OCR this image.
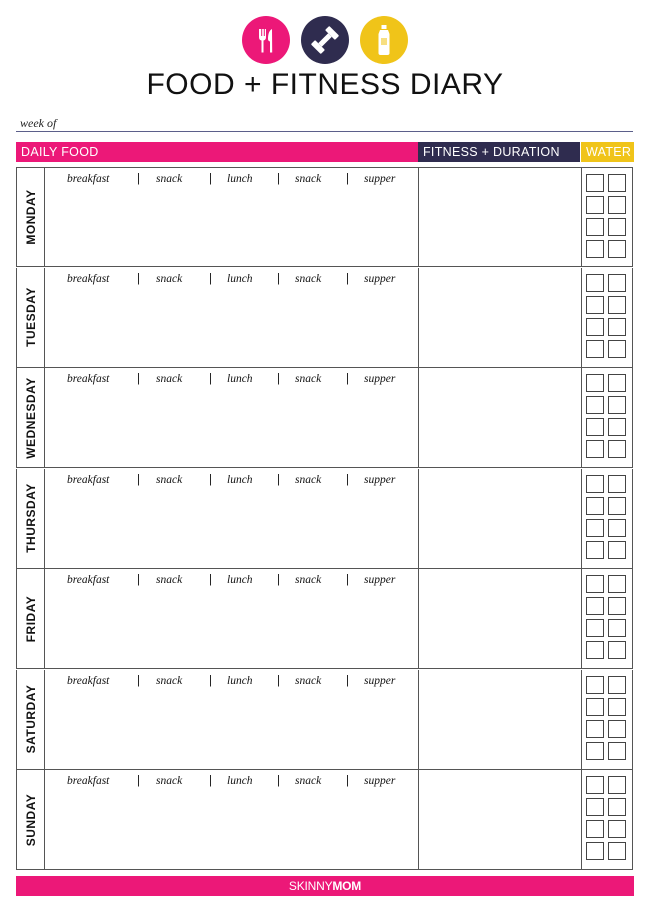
FOOD + FITNESS DIARY
week of
DAILY FOOD	FITNESS + DURATION	WATER
MONDAY
breakfast	snack	lunch	snack	supper
|	|	|	|
TUESDAY
breakfast	snack	lunch	snack	supper
|	|	|	|
WEDNESDAY	breakfast	snack	lunch	snack	supper
|	|	|	|
THURSDAY
breakfast	snack	lunch	snack	supper
|	|	|	|
FRIDAY
breakfast	snack	lunch	snack	supper
|	|	|	|
SATURDAY
breakfast	snack	lunch	snack	supper
|	|	|	|
SUNDAY
breakfast	snack	lunch	snack	supper
|	|	|	|
SKINNYMOM
